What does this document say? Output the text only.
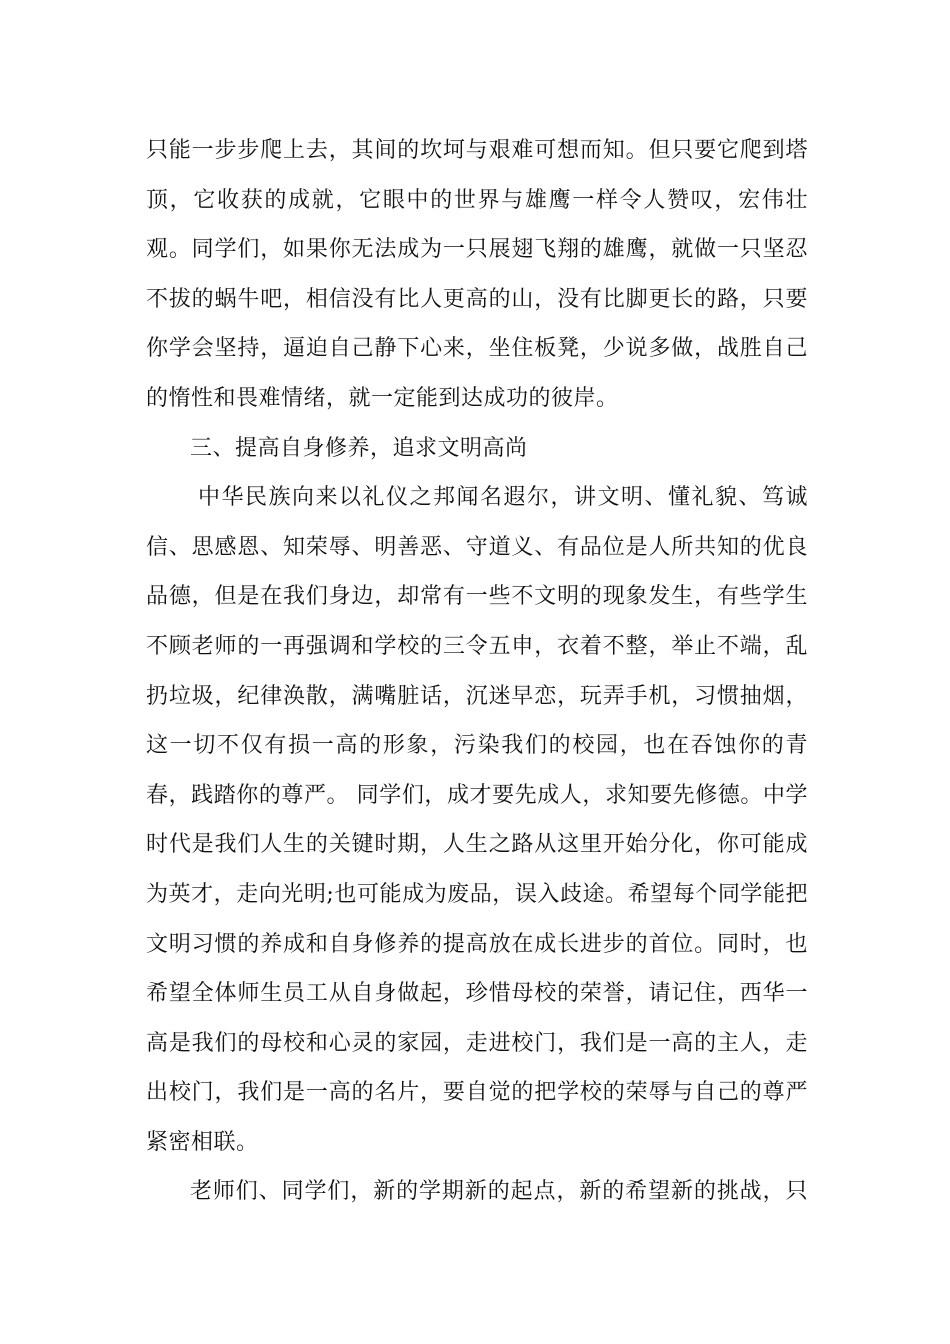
只能一步步爬上去，其间的坎坷与艰难可想而知。但只要它爬到塔
顶，它收获的成就，它眼中的世界与雄鹰一样令人赞叹，宏伟壮
观。同学们，如果你无法成为一只展翅飞翔的雄鹰，就做一只坚忍
不拔的蜗牛吧，相信没有比人更高的山，没有比脚更长的路，只要
你学会坚持，逼迫自己静下心来，坐住板凳，少说多做，战胜自己
的惰性和畏难情绪，就一定能到达成功的彼岸。
三、提高自身修养，追求文明高尚
中华民族向来以礼仪之邦闻名遐尔，讲文明、懂礼貌、笃诚
信、思感恩、知荣辱、明善恶、守道义、有品位是人所共知的优良
品德，但是在我们身边，却常有一些不文明的现象发生，有些学生
不顾老师的一再强调和学校的三令五申，衣着不整，举止不端，乱
扔垃圾，纪律涣散，满嘴脏话，沉迷早恋，玩弄手机，习惯抽烟，
这一切不仅有损一高的形象，污染我们的校园，也在吞蚀你的青
春，践踏你的尊严。 同学们，成才要先成人，求知要先修德。中学
时代是我们人生的关键时期，人生之路从这里开始分化，你可能成
为英才，走向光明;也可能成为废品，误入歧途。希望每个同学能把
文明习惯的养成和自身修养的提高放在成长进步的首位。同时，也
希望全体师生员工从自身做起，珍惜母校的荣誉，请记住，西华一
高是我们的母校和心灵的家园，走进校门，我们是一高的主人，走
出校门，我们是一高的名片，要自觉的把学校的荣辱与自己的尊严
紧密相联。
老师们、同学们，新的学期新的起点，新的希望新的挑战，只
